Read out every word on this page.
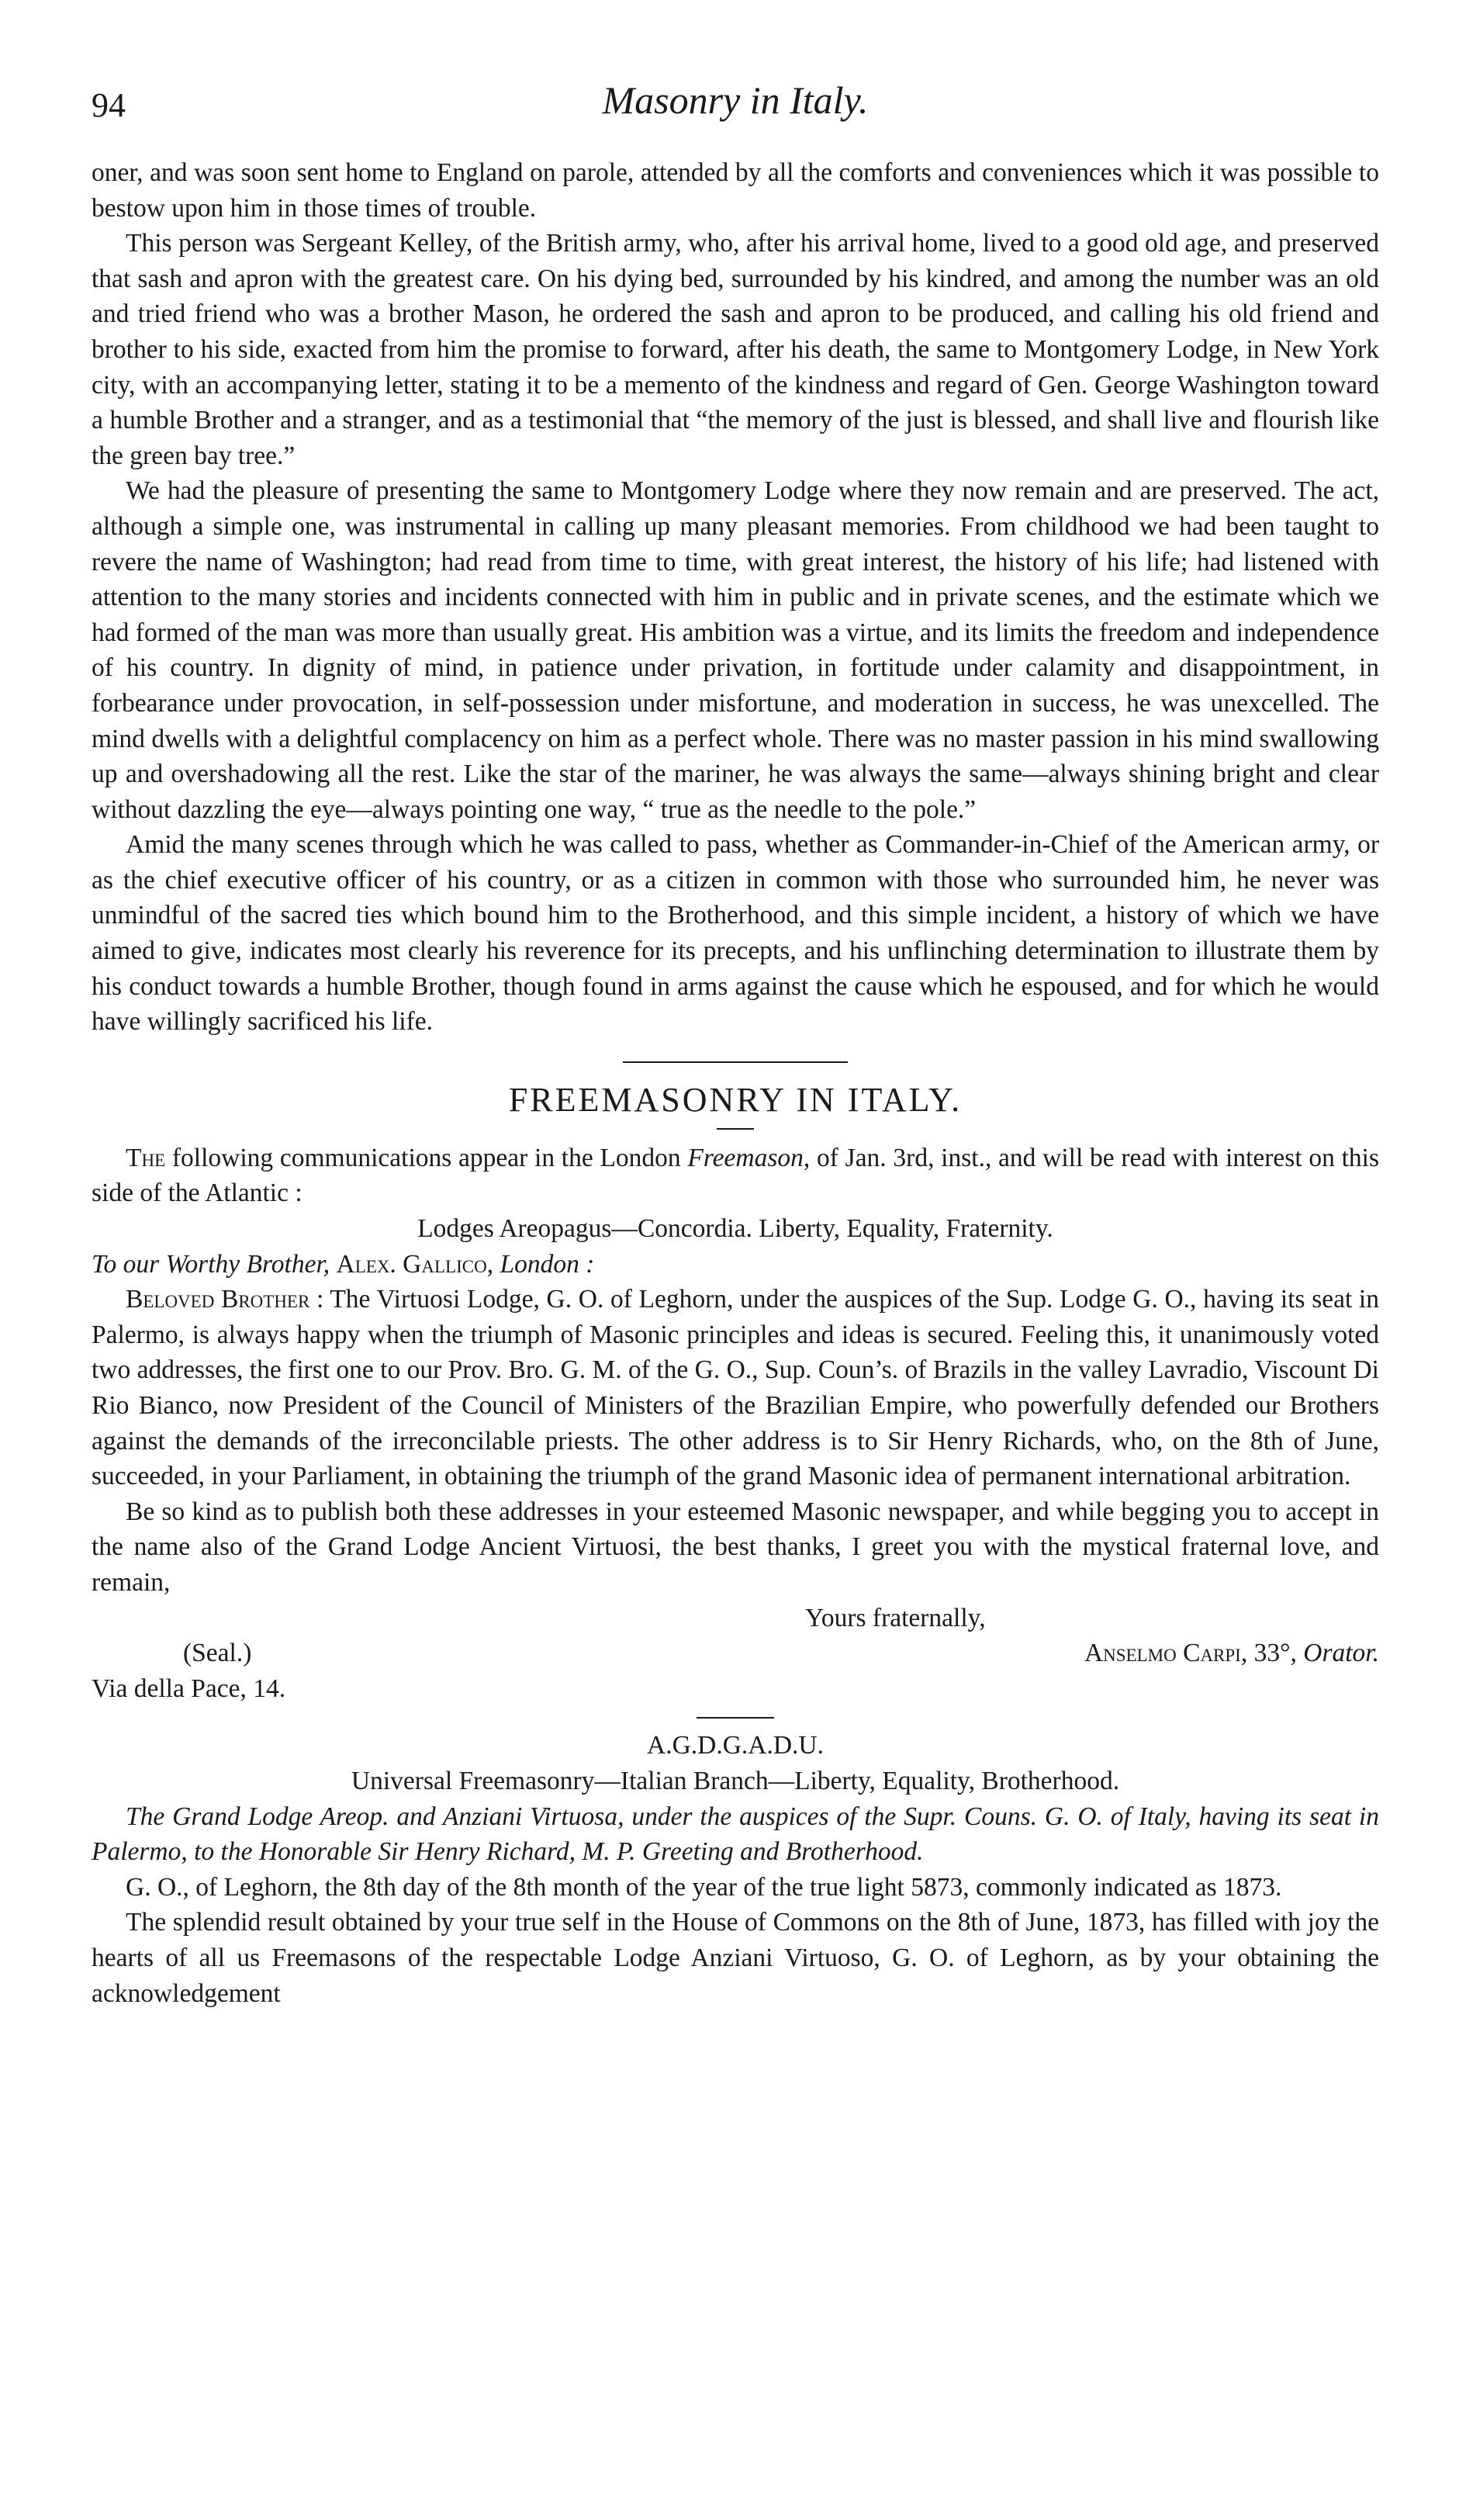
94	Masonry in Italy.

oner, and was soon sent home to England on parole, attended by all the comforts and conveniences which it was possible to bestow upon him in those times of trouble.

This person was Sergeant Kelley, of the British army, who, after his arrival home, lived to a good old age, and preserved that sash and apron with the greatest care. On his dying bed, surrounded by his kindred, and among the number was an old and tried friend who was a brother Mason, he ordered the sash and apron to be produced, and calling his old friend and brother to his side, exacted from him the promise to forward, after his death, the same to Montgomery Lodge, in New York city, with an accompanying letter, stating it to be a memento of the kindness and regard of Gen. George Washington toward a humble Brother and a stranger, and as a testimonial that “the memory of the just is blessed, and shall live and flourish like the green bay tree.”

We had the pleasure of presenting the same to Montgomery Lodge where they now remain and are preserved. The act, although a simple one, was instrumental in calling up many pleasant memories. From childhood we had been taught to revere the name of Washington; had read from time to time, with great interest, the history of his life; had listened with attention to the many stories and incidents connected with him in public and in private scenes, and the estimate which we had formed of the man was more than usually great. His ambition was a virtue, and its limits the freedom and independence of his country. In dignity of mind, in patience under privation, in fortitude under calamity and disappointment, in forbearance under provocation, in self-possession under misfortune, and moderation in success, he was unexcelled. The mind dwells with a delightful complacency on him as a perfect whole. There was no master passion in his mind swallowing up and overshadowing all the rest. Like the star of the mariner, he was always the same—always shining bright and clear without dazzling the eye—always pointing one way, “ true as the needle to the pole.”

Amid the many scenes through which he was called to pass, whether as Commander-in-Chief of the American army, or as the chief executive officer of his country, or as a citizen in common with those who surrounded him, he never was unmindful of the sacred ties which bound him to the Brotherhood, and this simple incident, a history of which we have aimed to give, indicates most clearly his reverence for its precepts, and his unflinching determination to illustrate them by his conduct towards a humble Brother, though found in arms against the cause which he espoused, and for which he would have willingly sacrificed his life.

FREEMASONRY IN ITALY.

The following communications appear in the London Freemason, of Jan. 3rd, inst., and will be read with interest on this side of the Atlantic :

Lodges Areopagus—Concordia. Liberty, Equality, Fraternity.
To our Worthy Brother, Alex. Gallico, London :

Beloved Brother : The Virtuosi Lodge, G. O. of Leghorn, under the auspices of the Sup. Lodge G. O., having its seat in Palermo, is always happy when the triumph of Masonic principles and ideas is secured. Feeling this, it unanimously voted two addresses, the first one to our Prov. Bro. G. M. of the G. O., Sup. Coun’s. of Brazils in the valley Lavradio, Viscount Di Rio Bianco, now President of the Council of Ministers of the Brazilian Empire, who powerfully defended our Brothers against the demands of the irreconcilable priests. The other address is to Sir Henry Richards, who, on the 8th of June, succeeded, in your Parliament, in obtaining the triumph of the grand Masonic idea of permanent international arbitration.

Be so kind as to publish both these addresses in your esteemed Masonic newspaper, and while begging you to accept in the name also of the Grand Lodge Ancient Virtuosi, the best thanks, I greet you with the mystical fraternal love, and remain,

Yours fraternally,
(Seal.)	Anselmo Carpi, 33°, Orator.
Via della Pace, 14.
A.G.D.G.A.D.U.
Universal Freemasonry—Italian Branch—Liberty, Equality, Brotherhood.

The Grand Lodge Areop. and Anziani Virtuosa, under the auspices of the Supr. Couns. G. O. of Italy, having its seat in Palermo, to the Honorable Sir Henry Richard, M. P. Greeting and Brotherhood.

G. O., of Leghorn, the 8th day of the 8th month of the year of the true light 5873, commonly indicated as 1873.

The splendid result obtained by your true self in the House of Commons on the 8th of June, 1873, has filled with joy the hearts of all us Freemasons of the respectable Lodge Anziani Virtuoso, G. O. of Leghorn, as by your obtaining the acknowledgement
